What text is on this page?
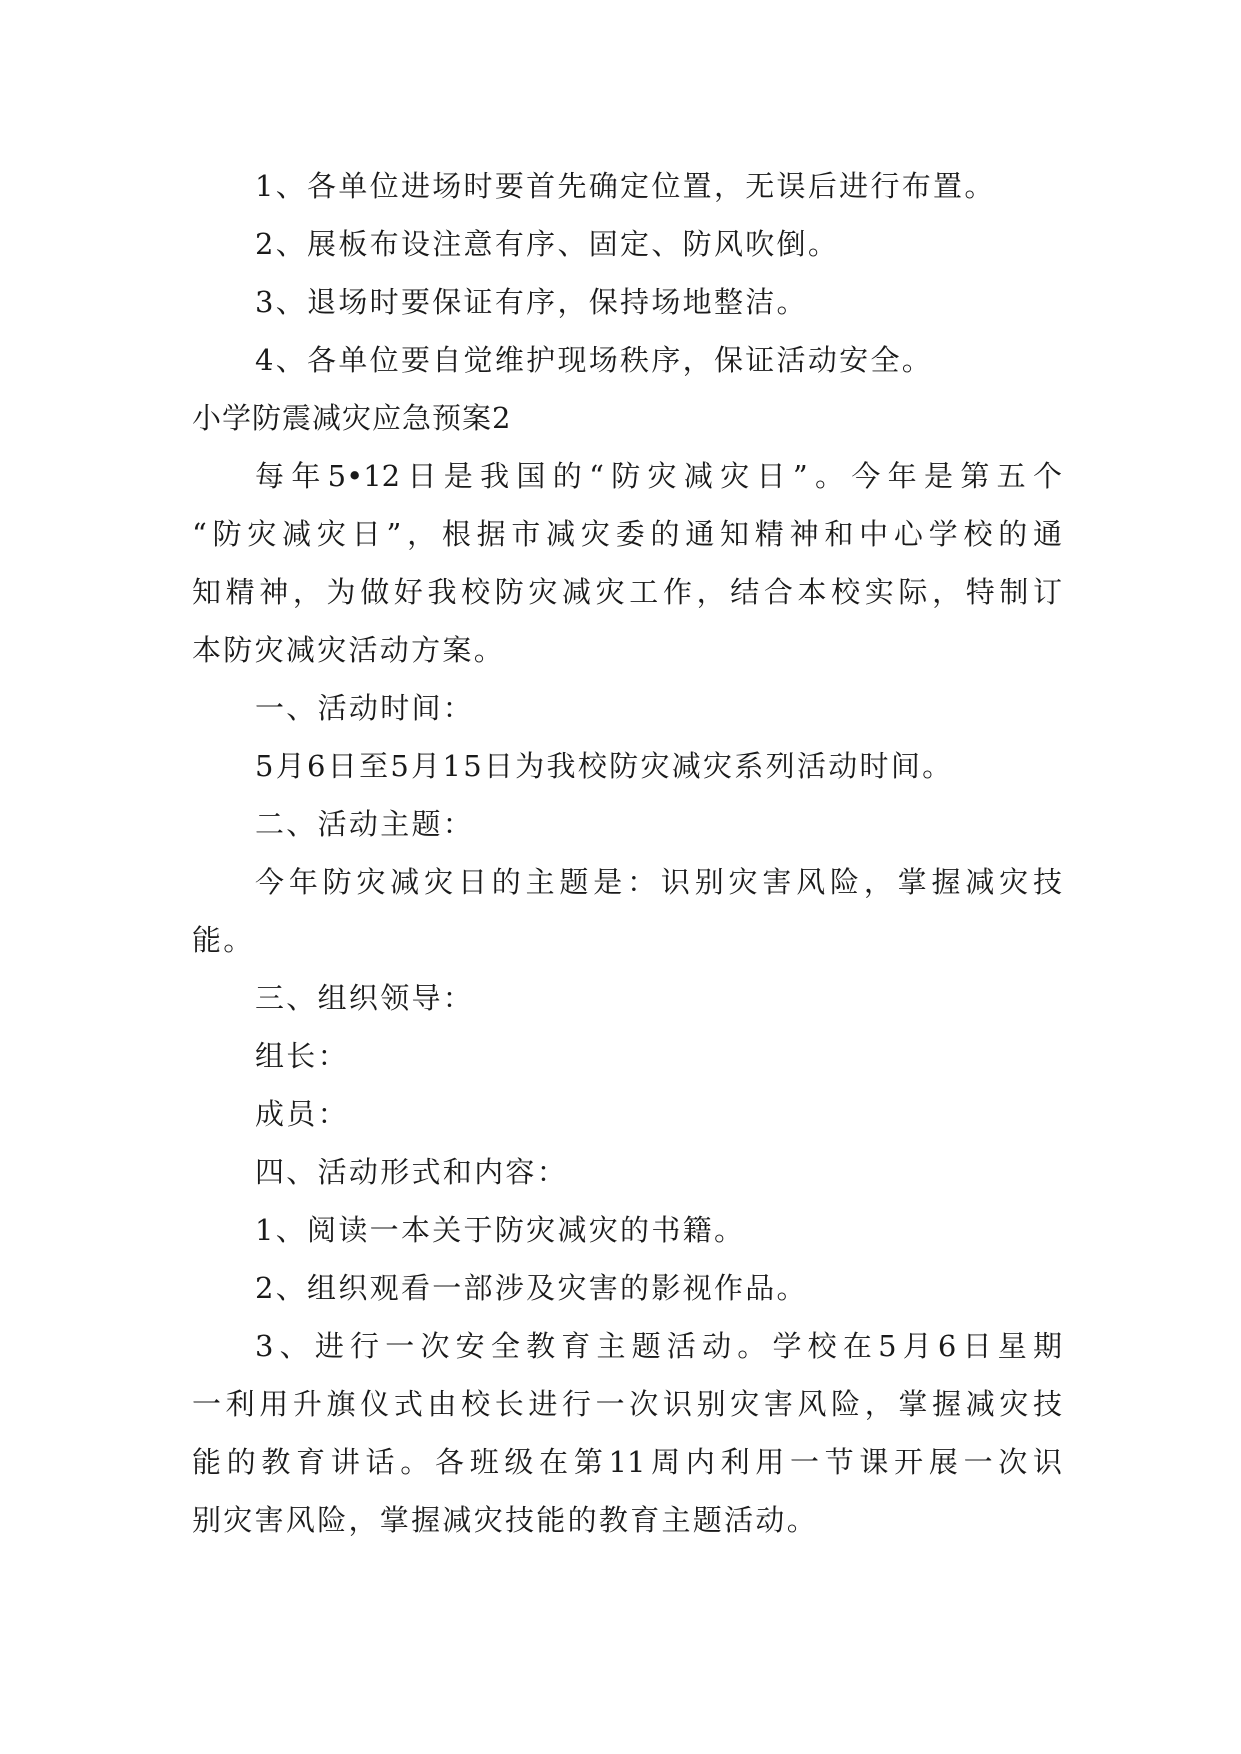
1、各单位进场时要首先确定位置，无误后进行布置。
2、展板布设注意有序、固定、防风吹倒。
3、退场时要保证有序，保持场地整洁。
4、各单位要自觉维护现场秩序，保证活动安全。
小学防震减灾应急预案2
每年5•12日是我国的“防灾减灾日”。今年是第五个
“防灾减灾日”，根据市减灾委的通知精神和中心学校的通
知精神，为做好我校防灾减灾工作，结合本校实际，特制订
本防灾减灾活动方案。
一、活动时间：
5月6日至5月15日为我校防灾减灾系列活动时间。
二、活动主题：
今年防灾减灾日的主题是：识别灾害风险，掌握减灾技
能。
三、组织领导：
组长：
成员：
四、活动形式和内容：
1、阅读一本关于防灾减灾的书籍。
2、组织观看一部涉及灾害的影视作品。
3、进行一次安全教育主题活动。学校在5月6日星期
一利用升旗仪式由校长进行一次识别灾害风险，掌握减灾技
能的教育讲话。各班级在第11周内利用一节课开展一次识
别灾害风险，掌握减灾技能的教育主题活动。
